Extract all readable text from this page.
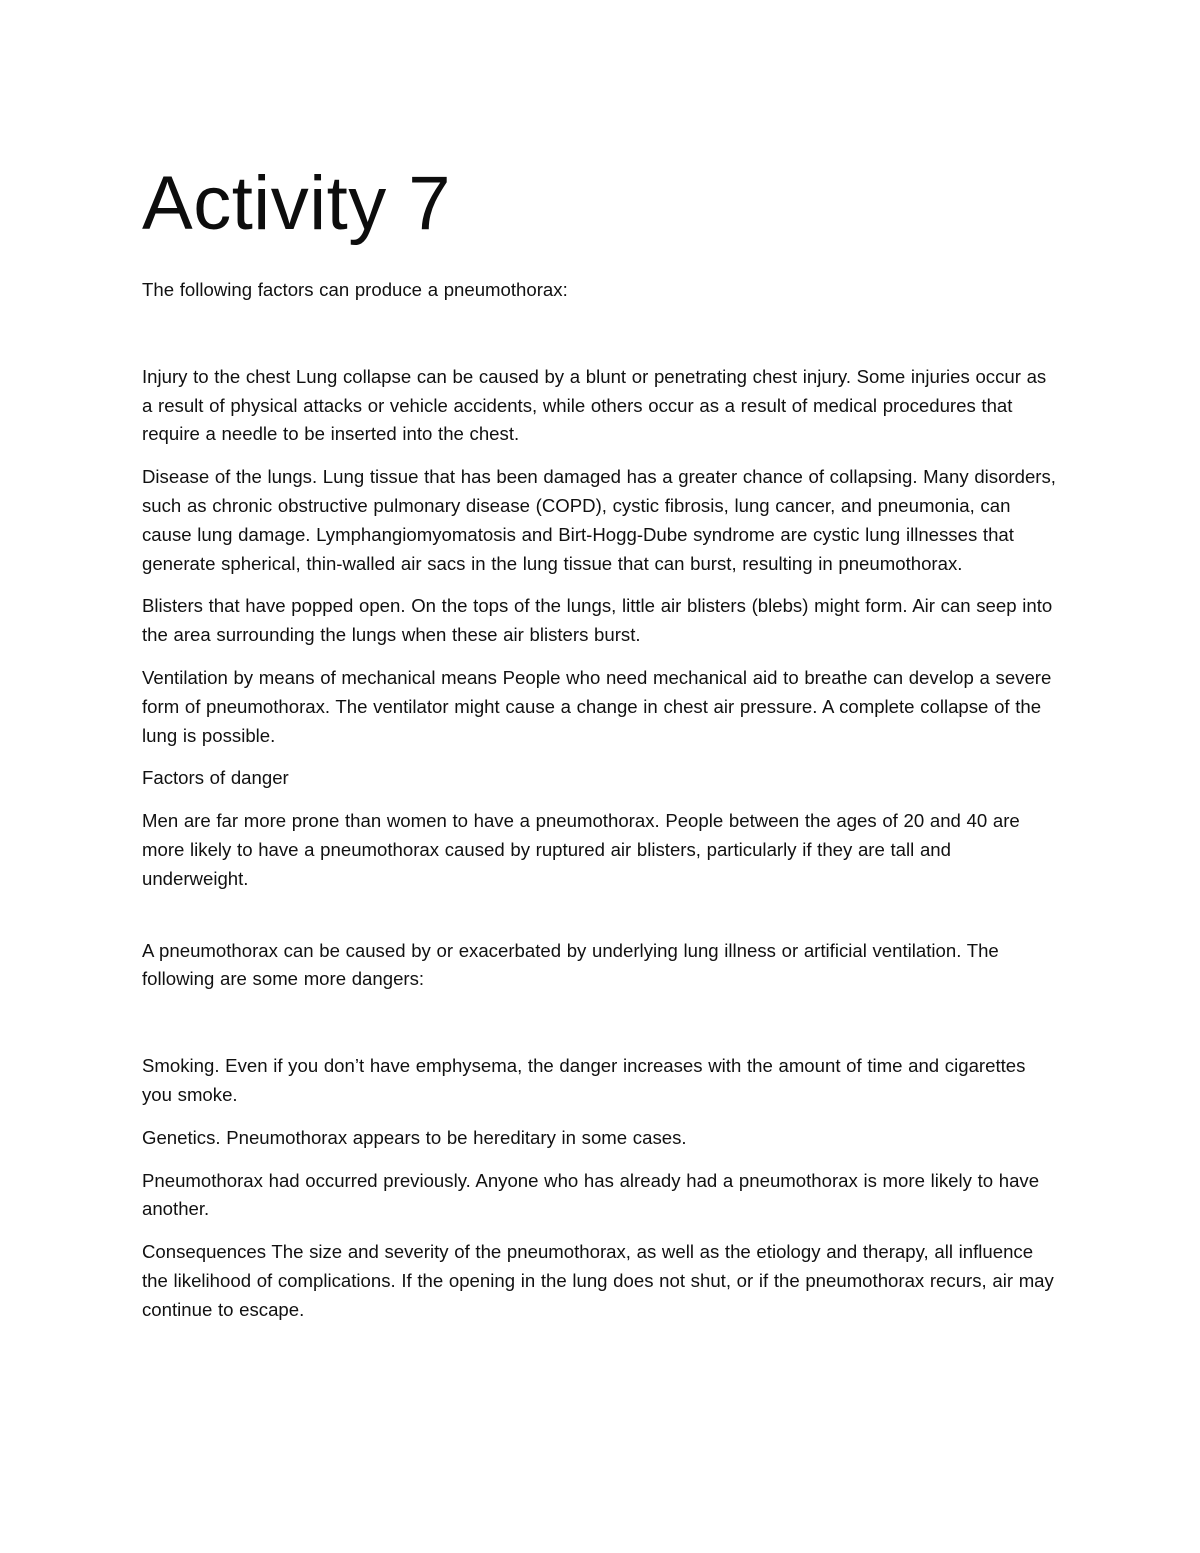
Activity 7

The following factors can produce a pneumothorax:

Injury to the chest Lung collapse can be caused by a blunt or penetrating chest injury. Some injuries occur as a result of physical attacks or vehicle accidents, while others occur as a result of medical procedures that require a needle to be inserted into the chest.

Disease of the lungs. Lung tissue that has been damaged has a greater chance of collapsing. Many disorders, such as chronic obstructive pulmonary disease (COPD), cystic fibrosis, lung cancer, and pneumonia, can cause lung damage. Lymphangiomyomatosis and Birt-Hogg-Dube syndrome are cystic lung illnesses that generate spherical, thin-walled air sacs in the lung tissue that can burst, resulting in pneumothorax.

Blisters that have popped open. On the tops of the lungs, little air blisters (blebs) might form. Air can seep into the area surrounding the lungs when these air blisters burst.

Ventilation by means of mechanical means People who need mechanical aid to breathe can develop a severe form of pneumothorax. The ventilator might cause a change in chest air pressure. A complete collapse of the lung is possible.

Factors of danger

Men are far more prone than women to have a pneumothorax. People between the ages of 20 and 40 are more likely to have a pneumothorax caused by ruptured air blisters, particularly if they are tall and underweight.

A pneumothorax can be caused by or exacerbated by underlying lung illness or artificial ventilation. The following are some more dangers:

Smoking. Even if you don’t have emphysema, the danger increases with the amount of time and cigarettes you smoke.

Genetics. Pneumothorax appears to be hereditary in some cases.

Pneumothorax had occurred previously. Anyone who has already had a pneumothorax is more likely to have another.

Consequences The size and severity of the pneumothorax, as well as the etiology and therapy, all influence the likelihood of complications. If the opening in the lung does not shut, or if the pneumothorax recurs, air may continue to escape.
